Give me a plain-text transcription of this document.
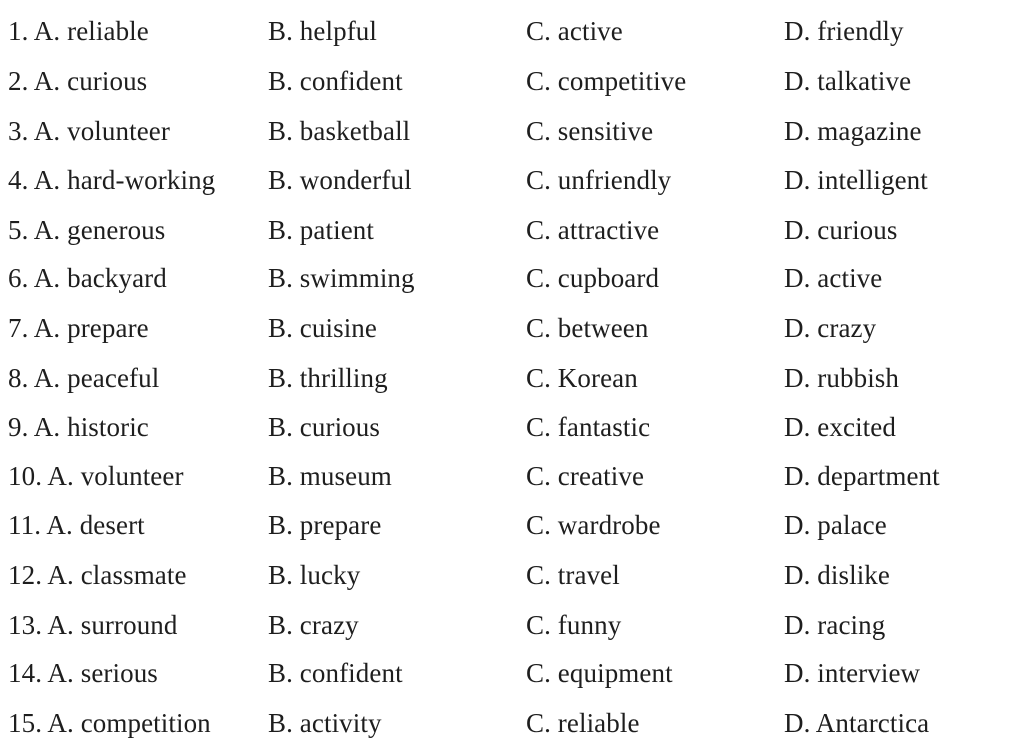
1. A. reliable	B. helpful	C. active	D. friendly
2. A. curious	B. confident	C. competitive	D. talkative
3. A. volunteer	B. basketball	C. sensitive	D. magazine
4. A. hard-working B. wonderful	C. unfriendly	D. intelligent
5. A. generous	B. patient	C. attractive	D. curious
6. A. backyard	B. swimming	C. cupboard	D. active
7. A. prepare	B. cuisine	C. between	D. crazy
8. A. peaceful	B. thrilling	C. Korean	D. rubbish
9. A. historic	B. curious	C. fantastic	D. excited
10. A. volunteer	B. museum	C. creative	D. department
11. A. desert	B. prepare	C. wardrobe	D. palace
12. A. classmate	B. lucky	C. travel	D. dislike
13. A. surround	B. crazy	C. funny	D. racing
14. A. serious	B. confident	C. equipment	D. interview
15. A. competition B. activity	C. reliable	D. Antarctica
